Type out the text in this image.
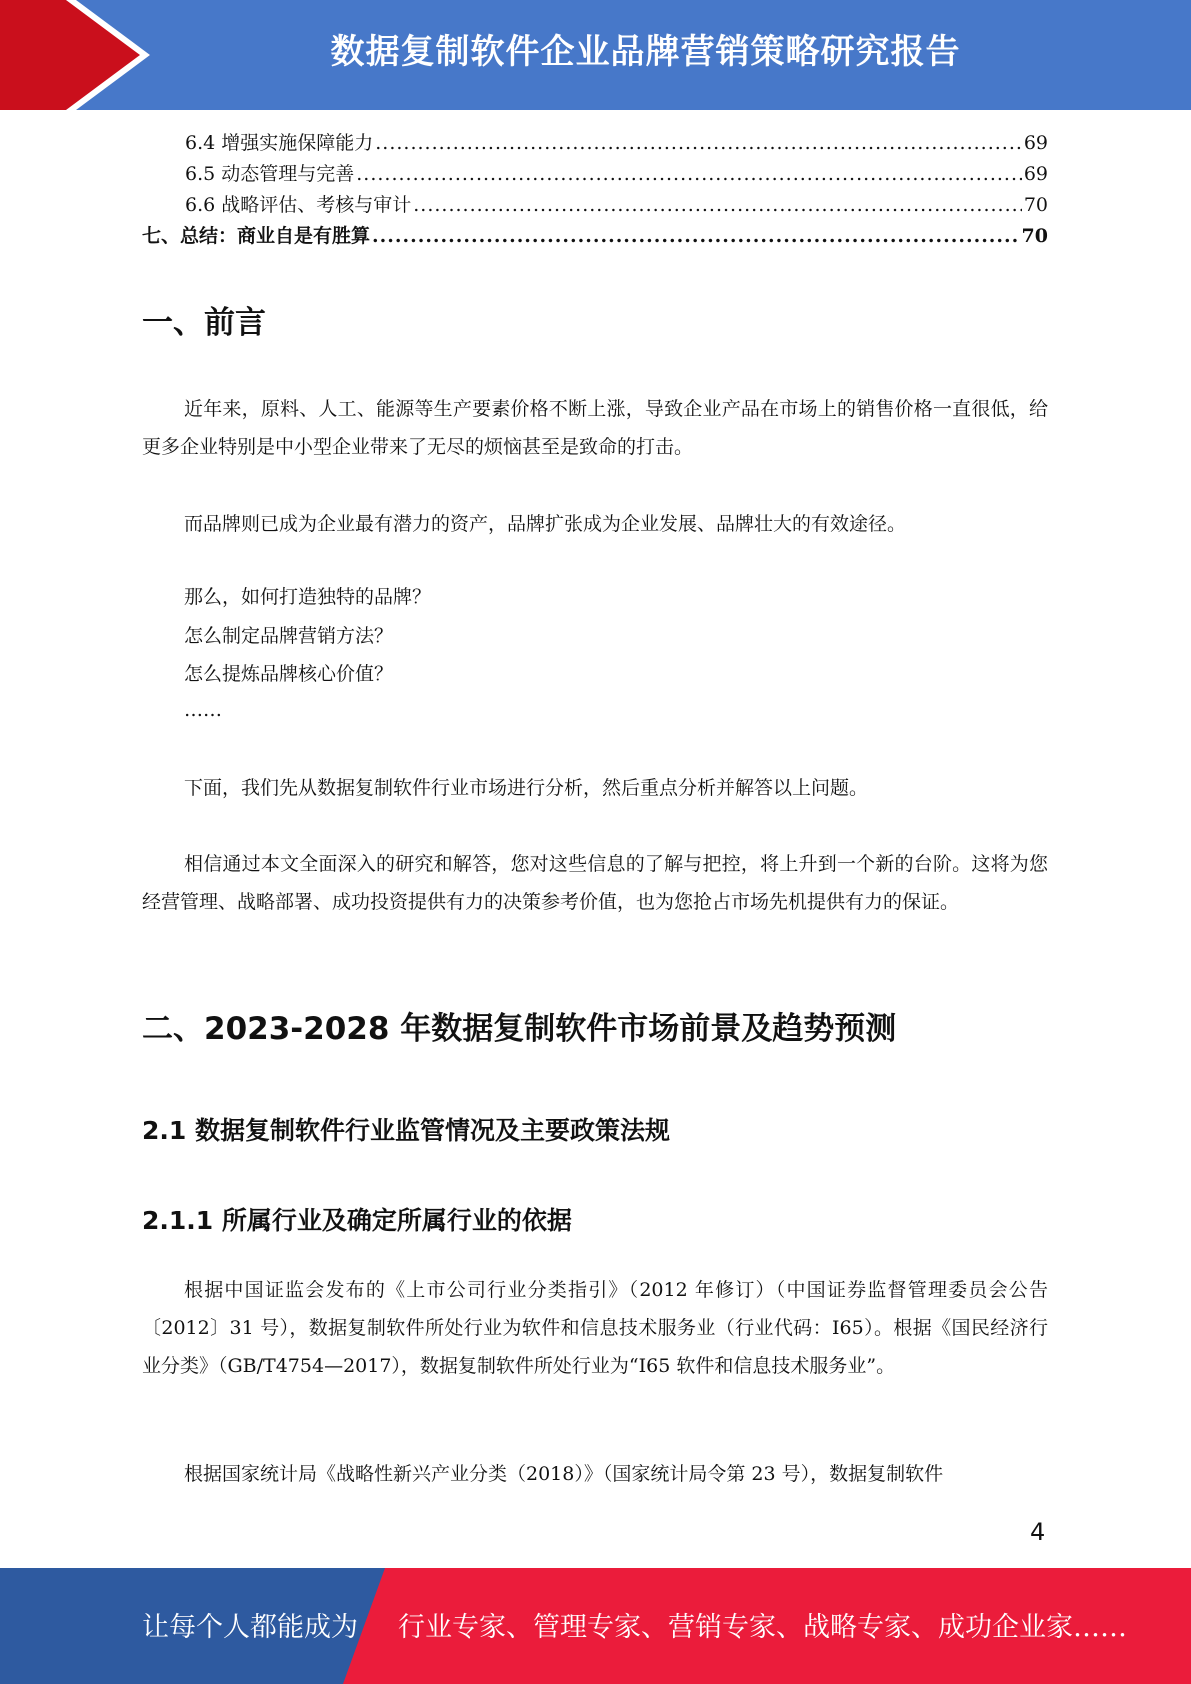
数据复制软件企业品牌营销策略研究报告
6.4 增强实施保障能力 .....	69
6.5 动态管理与完善 .....	69
6.6 战略评估、考核与审计 .....	70
七、总结：商业自是有胜算 .....	70
一、前言

近年来，原料、人工、能源等生产要素价格不断上涨，导致企业产品在市场上的销售价格一直很低，给更多企业特别是中小型企业带来了无尽的烦恼甚至是致命的打击。

而品牌则已成为企业最有潜力的资产，品牌扩张成为企业发展、品牌壮大的有效途径。

那么，如何打造独特的品牌？

怎么制定品牌营销方法？

怎么提炼品牌核心价值？

……

下面，我们先从数据复制软件行业市场进行分析，然后重点分析并解答以上问题。

相信通过本文全面深入的研究和解答，您对这些信息的了解与把控，将上升到一个新的台阶。这将为您经营管理、战略部署、成功投资提供有力的决策参考价值，也为您抢占市场先机提供有力的保证。

二、2023-2028 年数据复制软件市场前景及趋势预测
2.1 数据复制软件行业监管情况及主要政策法规
2.1.1 所属行业及确定所属行业的依据

根据中国证监会发布的《上市公司行业分类指引》（2012 年修订）（中国证券监督管理委员会公告〔2012〕31 号），数据复制软件所处行业为软件和信息技术服务业（行业代码：I65）。根据《国民经济行业分类》（GB/T4754—2017），数据复制软件所处行业为“I65 软件和信息技术服务业”。

根据国家统计局《战略性新兴产业分类（2018）》（国家统计局令第 23 号），数据复制软件

4
让每个人都能成为 行业专家、管理专家、营销专家、战略专家、成功企业家……
